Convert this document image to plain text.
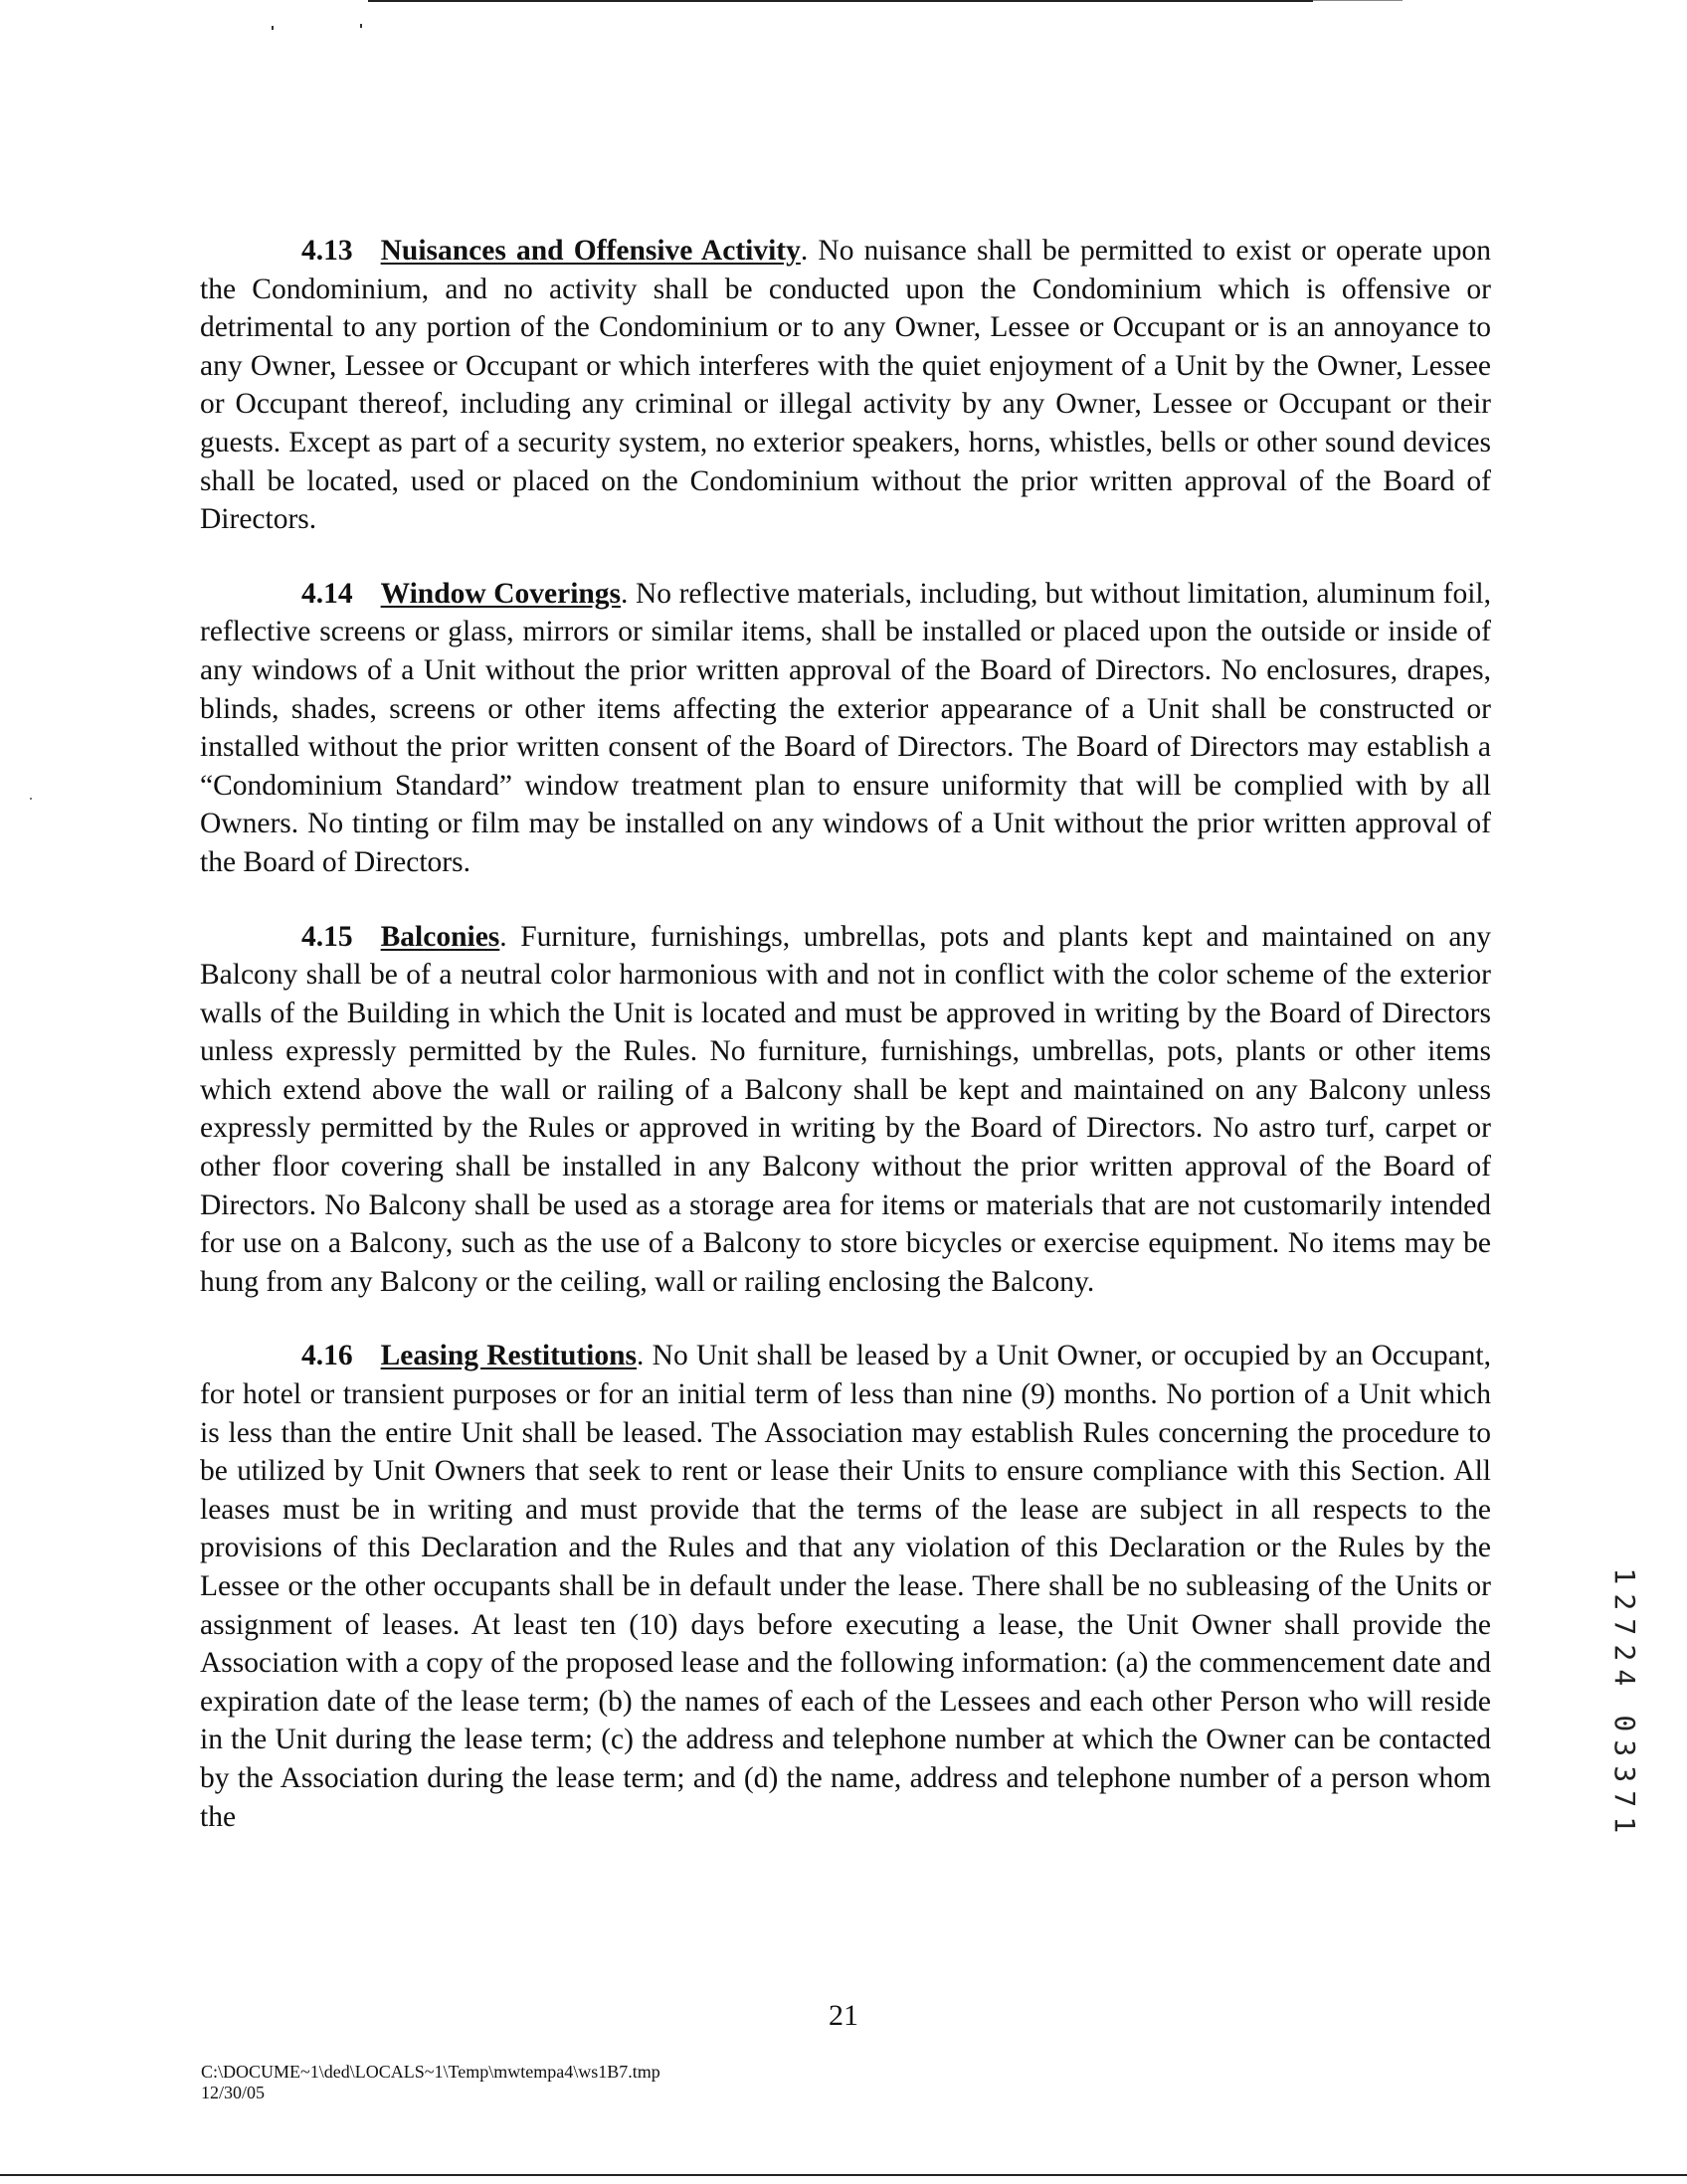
4.13 Nuisances and Offensive Activity. No nuisance shall be permitted to exist or operate upon the Condominium, and no activity shall be conducted upon the Condominium which is offensive or detrimental to any portion of the Condominium or to any Owner, Lessee or Occupant or is an annoyance to any Owner, Lessee or Occupant or which interferes with the quiet enjoyment of a Unit by the Owner, Lessee or Occupant thereof, including any criminal or illegal activity by any Owner, Lessee or Occupant or their guests. Except as part of a security system, no exterior speakers, horns, whistles, bells or other sound devices shall be located, used or placed on the Condominium without the prior written approval of the Board of Directors.

4.14 Window Coverings. No reflective materials, including, but without limitation, aluminum foil, reflective screens or glass, mirrors or similar items, shall be installed or placed upon the outside or inside of any windows of a Unit without the prior written approval of the Board of Directors. No enclosures, drapes, blinds, shades, screens or other items affecting the exterior appearance of a Unit shall be constructed or installed without the prior written consent of the Board of Directors. The Board of Directors may establish a “Condominium Standard” window treatment plan to ensure uniformity that will be complied with by all Owners. No tinting or film may be installed on any windows of a Unit without the prior written approval of the Board of Directors.

4.15 Balconies. Furniture, furnishings, umbrellas, pots and plants kept and maintained on any Balcony shall be of a neutral color harmonious with and not in conflict with the color scheme of the exterior walls of the Building in which the Unit is located and must be approved in writing by the Board of Directors unless expressly permitted by the Rules. No furniture, furnishings, umbrellas, pots, plants or other items which extend above the wall or railing of a Balcony shall be kept and maintained on any Balcony unless expressly permitted by the Rules or approved in writing by the Board of Directors. No astro turf, carpet or other floor covering shall be installed in any Balcony without the prior written approval of the Board of Directors. No Balcony shall be used as a storage area for items or materials that are not customarily intended for use on a Balcony, such as the use of a Balcony to store bicycles or exercise equipment. No items may be hung from any Balcony or the ceiling, wall or railing enclosing the Balcony.

4.16 Leasing Restitutions. No Unit shall be leased by a Unit Owner, or occupied by an Occupant, for hotel or transient purposes or for an initial term of less than nine (9) months. No portion of a Unit which is less than the entire Unit shall be leased. The Association may establish Rules concerning the procedure to be utilized by Unit Owners that seek to rent or lease their Units to ensure compliance with this Section. All leases must be in writing and must provide that the terms of the lease are subject in all respects to the provisions of this Declaration and the Rules and that any violation of this Declaration or the Rules by the Lessee or the other occupants shall be in default under the lease. There shall be no subleasing of the Units or assignment of leases. At least ten (10) days before executing a lease, the Unit Owner shall provide the Association with a copy of the proposed lease and the following information: (a) the commencement date and expiration date of the lease term; (b) the names of each of the Lessees and each other Person who will reside in the Unit during the lease term; (c) the address and telephone number at which the Owner can be contacted by the Association during the lease term; and (d) the name, address and telephone number of a person whom the

1
2
7
2
4
0
3
3
7
1
21
C:\DOCUME~1\ded\LOCALS~1\Temp\mwtempa4\ws1B7.tmp
12/30/05
